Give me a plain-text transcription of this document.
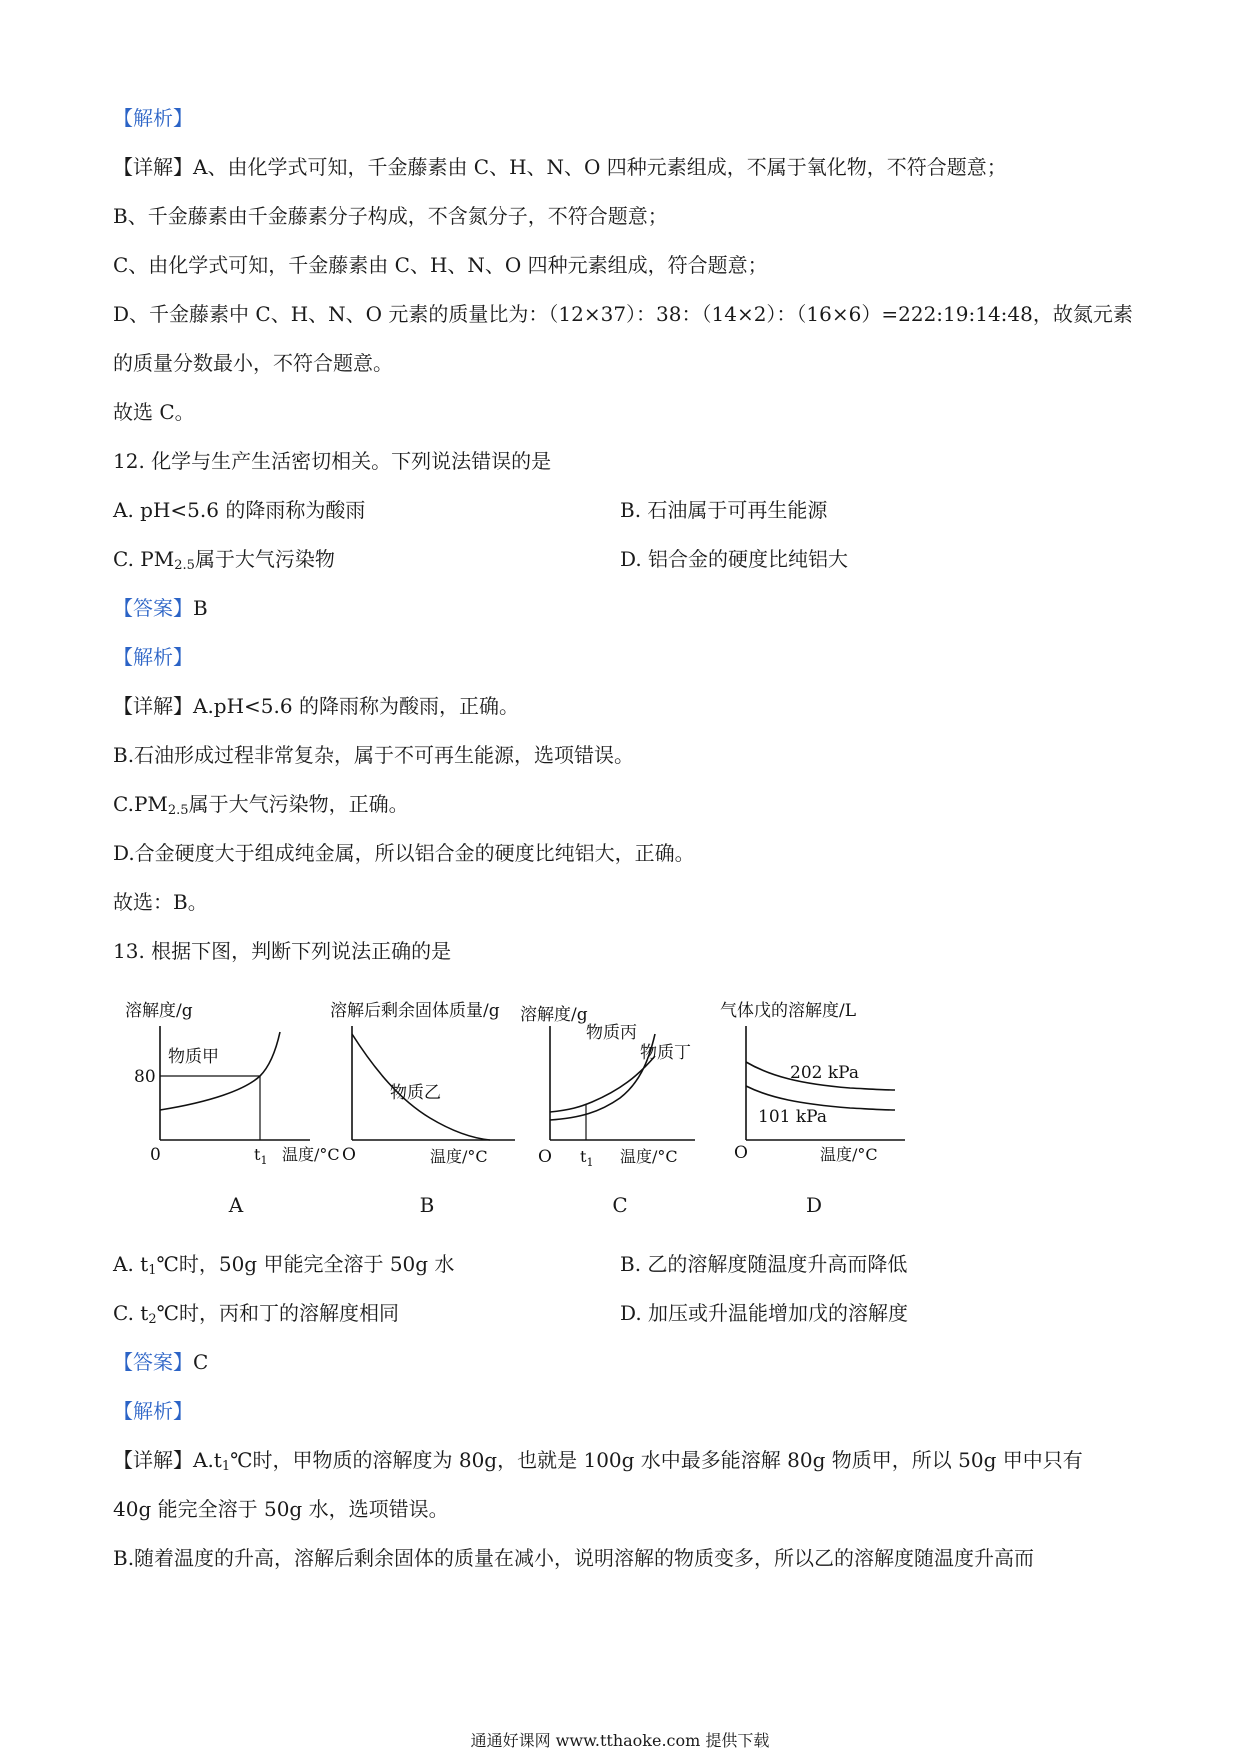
【解析】
【详解】A、由化学式可知，千金藤素由 C、H、N、O 四种元素组成，不属于氧化物，不符合题意；
B、千金藤素由千金藤素分子构成，不含氮分子，不符合题意；
C、由化学式可知，千金藤素由 C、H、N、O 四种元素组成，符合题意；
D、千金藤素中 C、H、N、O 元素的质量比为：（12×37）：38：（14×2）：（16×6）=222:19:14:48，故氮元素
的质量分数最小，不符合题意。
故选 C。
12. 化学与生产生活密切相关。下列说法错误的是
A. pH<5.6 的降雨称为酸雨	B. 石油属于可再生能源
C. $PM_{2.5}$属于大气污染物	D. 铝合金的硬度比纯铝大
【答案】B
【解析】
【详解】A.pH<5.6 的降雨称为酸雨，正确。
B.石油形成过程非常复杂，属于不可再生能源，选项错误。
$C.PM_{2.5}$属于大气污染物，正确。
D.合金硬度大于组成纯金属，所以铝合金的硬度比纯铝大，正确。
故选：B。
13. 根据下图，判断下列说法正确的是
溶解度/g
物质甲
80
0	$t_1$ 温度/°C
A
溶解后剩余固体质量/g
物质乙
O	温度/°C
B
溶解度/g
物质丙
物质丁
O $t_1$ 温度/°C
C
气体戊的溶解度/L
202 kPa
101 kPa
O	温度/°C
D
A. $t_1℃$时，50g 甲能完全溶于 50g 水	B. 乙的溶解度随温度升高而降低
C. $t_2℃$时，丙和丁的溶解度相同	D. 加压或升温能增加戊的溶解度
【答案】C
【解析】
【详解】$A.t_1℃$时，甲物质的溶解度为 80g，也就是 100g 水中最多能溶解 80g 物质甲，所以 50g 甲中只有
40g 能完全溶于 50g 水，选项错误。
B.随着温度的升高，溶解后剩余固体的质量在减小，说明溶解的物质变多，所以乙的溶解度随温度升高而
通通好课网 www.tthaoke.com 提供下载
